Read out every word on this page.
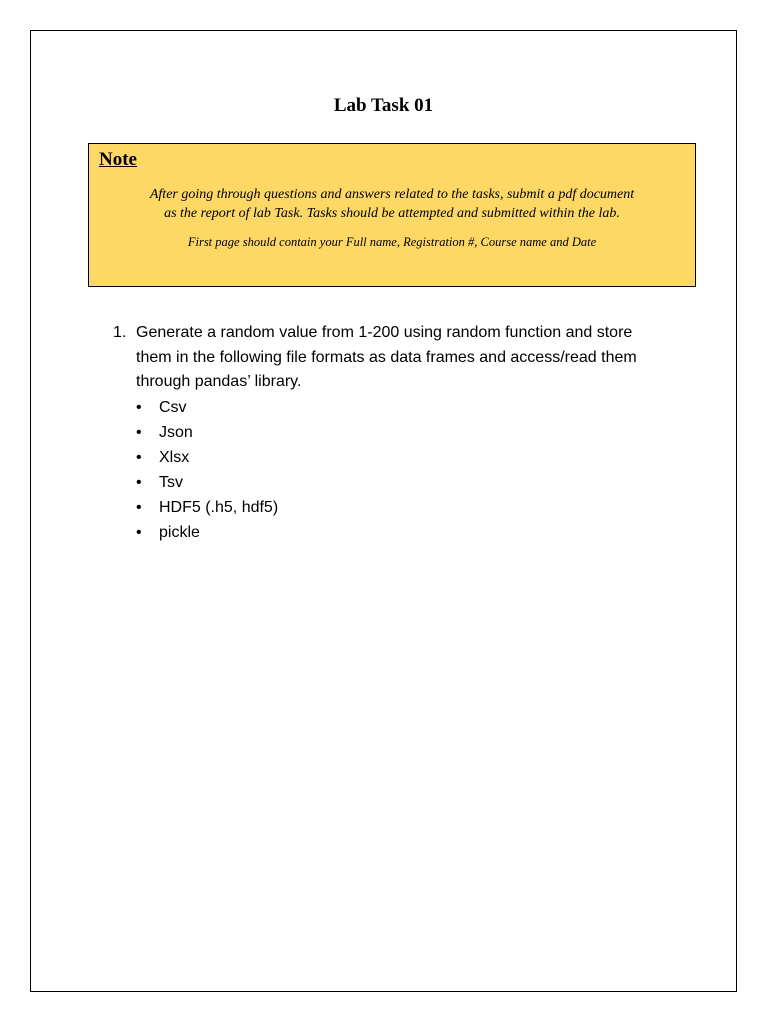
Lab Task 01
Note
After going through questions and answers related to the tasks, submit a pdf document
as the report of lab Task. Tasks should be attempted and submitted within the lab.
First page should contain your Full name, Registration #, Course name and Date
1. Generate a random value from 1-200 using random function and store
them in the following file formats as data frames and access/read them
through pandas’ library.
• Csv
• Json
• Xlsx
• Tsv
• HDF5 (.h5, hdf5)
• pickle
